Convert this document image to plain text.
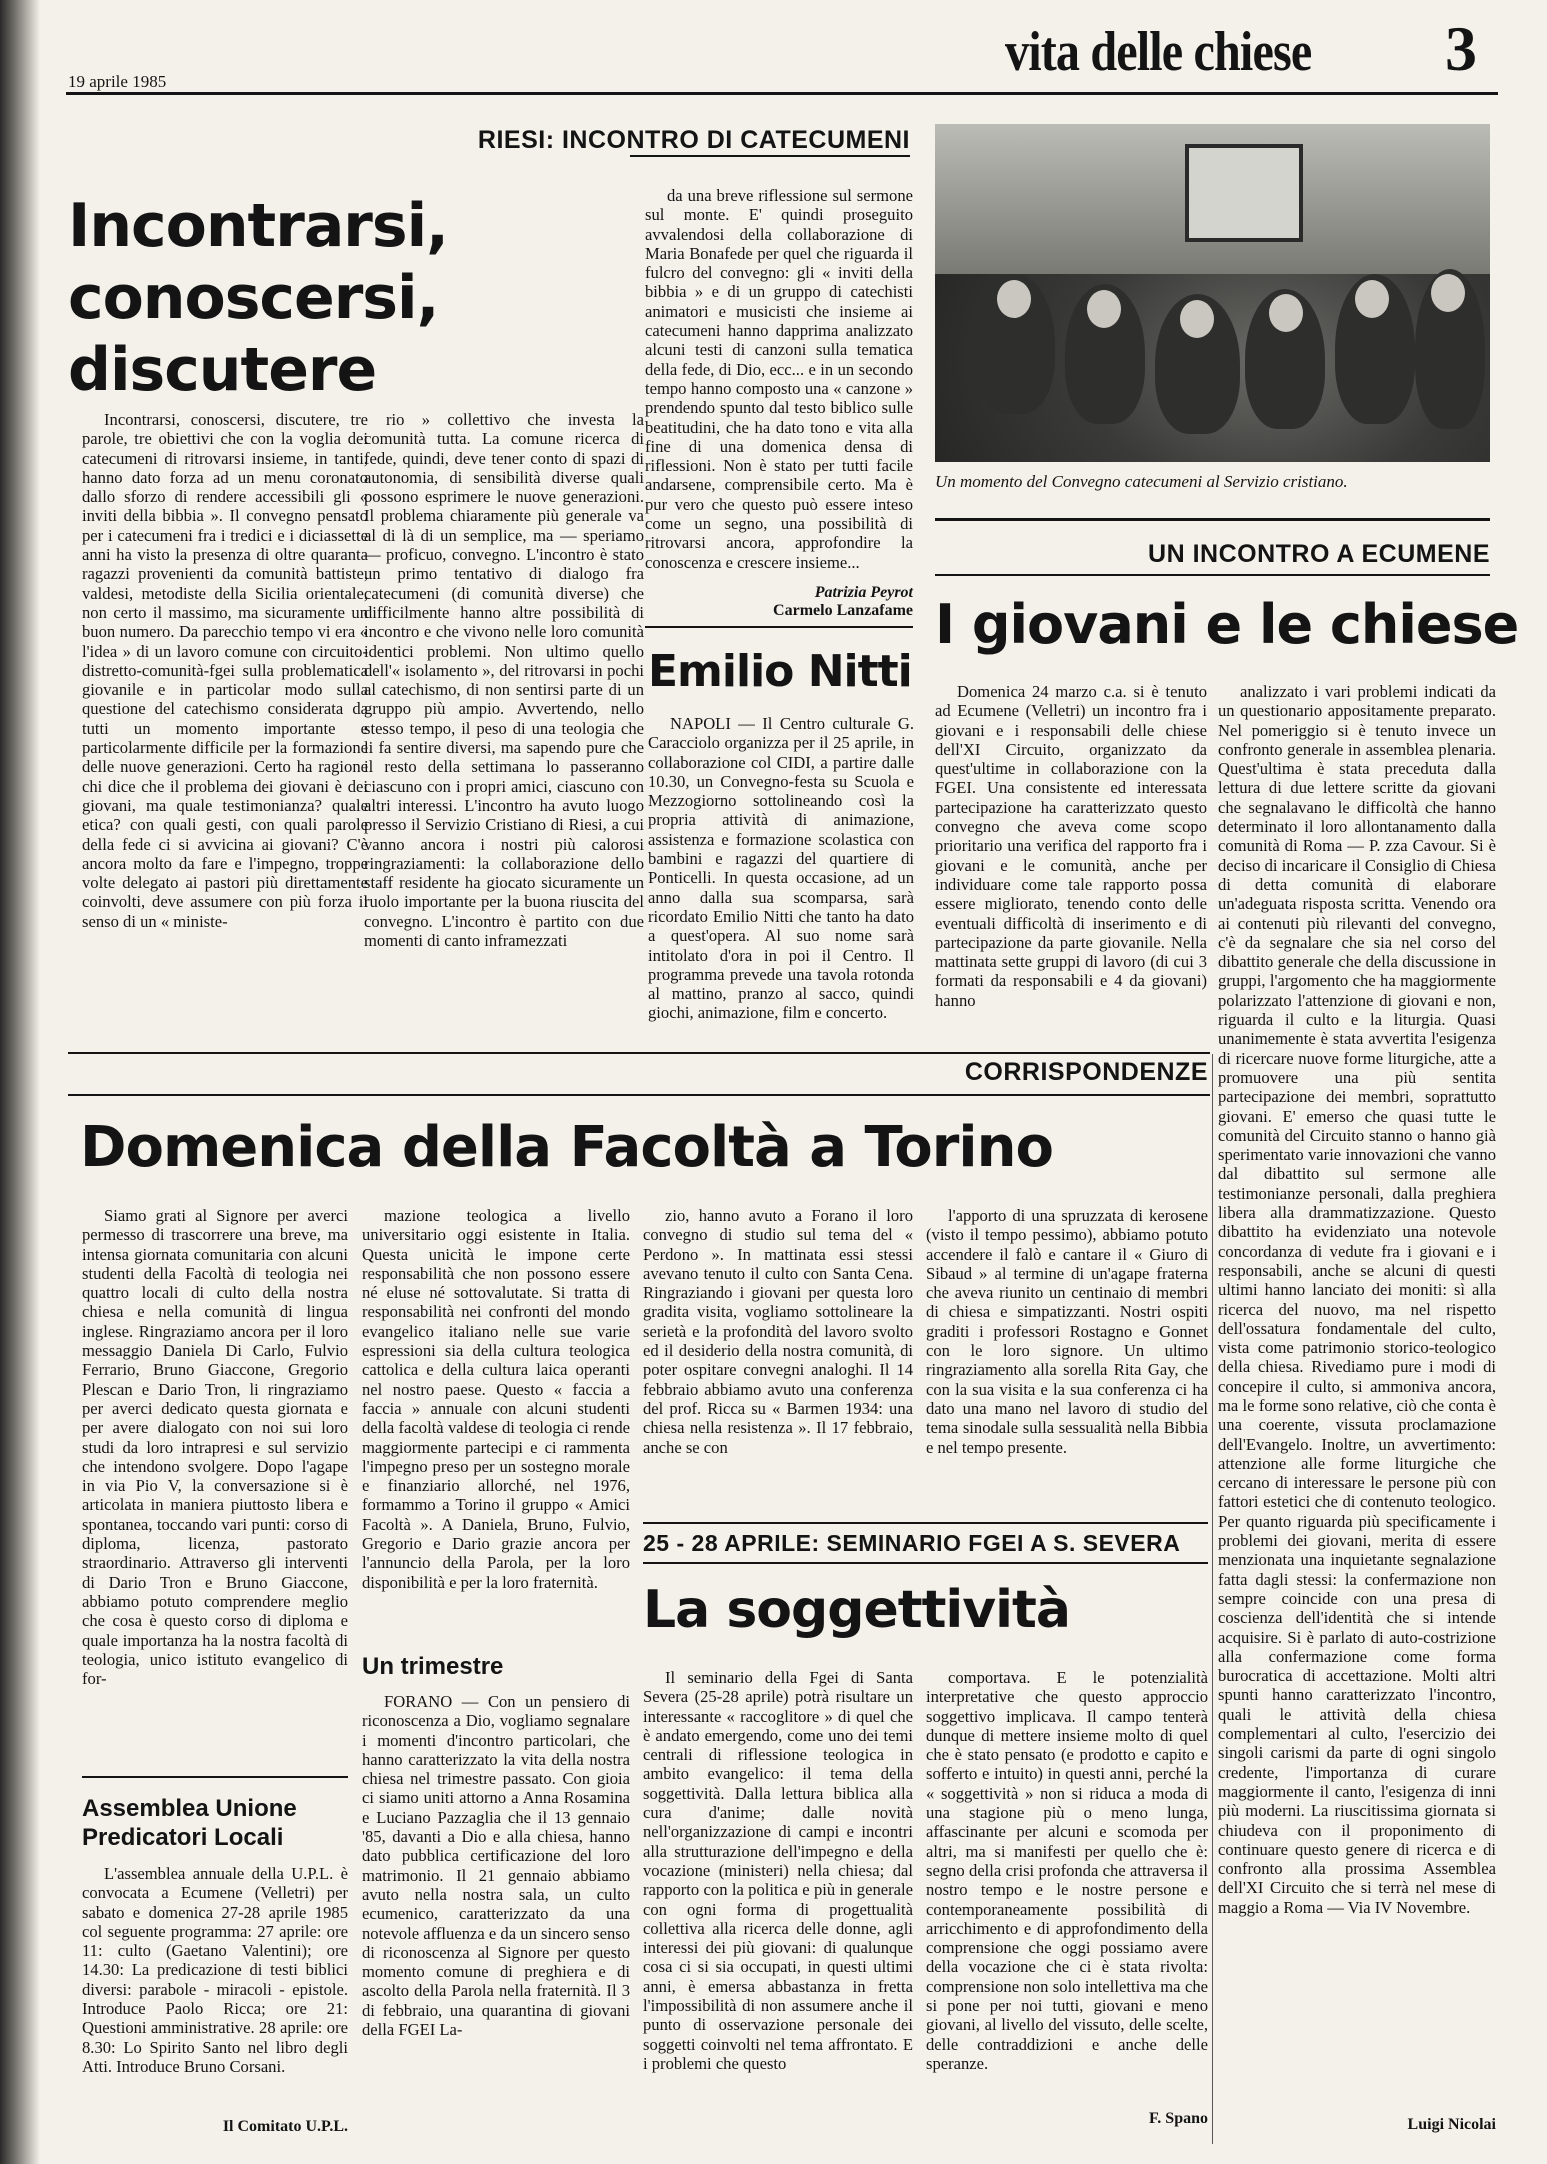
19 aprile 1985	vita delle chiese 3
RIESI: INCONTRO DI CATECUMENI
Incontrarsi,
conoscersi,
discutere

Incontrarsi, conoscersi, discutere, tre parole, tre obiettivi che con la voglia dei catecumeni di ritrovarsi insieme, in tanti, hanno dato forza ad un menu coronato dallo sforzo di rendere accessibili gli « inviti della bibbia ». Il convegno pensato per i catecumeni fra i tredici e i diciassette anni ha visto la presenza di oltre quaranta ragazzi provenienti da comunità battiste, valdesi, metodiste della Sicilia orientale, non certo il massimo, ma sicuramente un buon numero. Da parecchio tempo vi era « l'idea » di un lavoro comune con circuito-distretto-comunità-fgei sulla problematica giovanile e in particolar modo sulla questione del catechismo considerata da tutti un momento importante e particolarmente difficile per la formazione delle nuove generazioni. Certo ha ragione chi dice che il problema dei giovani è dei giovani, ma quale testimonianza? quale etica? con quali gesti, con quali parole della fede ci si avvicina ai giovani? C'è ancora molto da fare e l'impegno, troppe volte delegato ai pastori più direttamente coinvolti, deve assumere con più forza il senso di un « ministe-

rio » collettivo che investa la comunità tutta. La comune ricerca di fede, quindi, deve tener conto di spazi di autonomia, di sensibilità diverse quali possono esprimere le nuove generazioni. Il problema chiaramente più generale va al di là di un semplice, ma — speriamo — proficuo, convegno. L'incontro è stato un primo tentativo di dialogo fra catecumeni (di comunità diverse) che difficilmente hanno altre possibilità di incontro e che vivono nelle loro comunità identici problemi. Non ultimo quello dell'« isolamento », del ritrovarsi in pochi al catechismo, di non sentirsi parte di un gruppo più ampio. Avvertendo, nello stesso tempo, il peso di una teologia che li fa sentire diversi, ma sapendo pure che il resto della settimana lo passeranno ciascuno con i propri amici, ciascuno con altri interessi. L'incontro ha avuto luogo presso il Servizio Cristiano di Riesi, a cui vanno ancora i nostri più calorosi ringraziamenti: la collaborazione dello staff residente ha giocato sicuramente un ruolo importante per la buona riuscita del convegno. L'incontro è partito con due momenti di canto inframezzati

da una breve riflessione sul sermone sul monte. E' quindi proseguito avvalendosi della collaborazione di Maria Bonafede per quel che riguarda il fulcro del convegno: gli « inviti della bibbia » e di un gruppo di catechisti animatori e musicisti che insieme ai catecumeni hanno dapprima analizzato alcuni testi di canzoni sulla tematica della fede, di Dio, ecc... e in un secondo tempo hanno composto una « canzone » prendendo spunto dal testo biblico sulle beatitudini, che ha dato tono e vita alla fine di una domenica densa di riflessioni. Non è stato per tutti facile andarsene, comprensibile certo. Ma è pur vero che questo può essere inteso come un segno, una possibilità di ritrovarsi ancora, approfondire la conoscenza e crescere insieme...

Patrizia Peyrot
Carmelo Lanzafame
Un momento del Convegno catecumeni al Servizio cristiano.
Emilio Nitti

NAPOLI — Il Centro culturale G. Caracciolo organizza per il 25 aprile, in collaborazione col CIDI, a partire dalle 10.30, un Convegno-festa su Scuola e Mezzogiorno sottolineando così la propria attività di animazione, assistenza e formazione scolastica con bambini e ragazzi del quartiere di Ponticelli. In questa occasione, ad un anno dalla sua scomparsa, sarà ricordato Emilio Nitti che tanto ha dato a quest'opera. Al suo nome sarà intitolato d'ora in poi il Centro. Il programma prevede una tavola rotonda al mattino, pranzo al sacco, quindi giochi, animazione, film e concerto.

UN INCONTRO A ECUMENE
I giovani e le chiese

Domenica 24 marzo c.a. si è tenuto ad Ecumene (Velletri) un incontro fra i giovani e i responsabili delle chiese dell'XI Circuito, organizzato da quest'ultime in collaborazione con la FGEI. Una consistente ed interessata partecipazione ha caratterizzato questo convegno che aveva come scopo prioritario una verifica del rapporto fra i giovani e le comunità, anche per individuare come tale rapporto possa essere migliorato, tenendo conto delle eventuali difficoltà di inserimento e di partecipazione da parte giovanile. Nella mattinata sette gruppi di lavoro (di cui 3 formati da responsabili e 4 da giovani) hanno

analizzato i vari problemi indicati da un questionario appositamente preparato. Nel pomeriggio si è tenuto invece un confronto generale in assemblea plenaria. Quest'ultima è stata preceduta dalla lettura di due lettere scritte da giovani che segnalavano le difficoltà che hanno determinato il loro allontanamento dalla comunità di Roma — P. zza Cavour. Si è deciso di incaricare il Consiglio di Chiesa di detta comunità di elaborare un'adeguata risposta scritta. Venendo ora ai contenuti più rilevanti del convegno, c'è da segnalare che sia nel corso del dibattito generale che della discussione in gruppi, l'argomento che ha maggiormente polarizzato l'attenzione di giovani e non, riguarda il culto e la liturgia. Quasi unanimemente è stata avvertita l'esigenza di ricercare nuove forme liturgiche, atte a promuovere una più sentita partecipazione dei membri, soprattutto giovani. E' emerso che quasi tutte le comunità del Circuito stanno o hanno già sperimentato varie innovazioni che vanno dal dibattito sul sermone alle testimonianze personali, dalla preghiera libera alla drammatizzazione. Questo dibattito ha evidenziato una notevole concordanza di vedute fra i giovani e i responsabili, anche se alcuni di questi ultimi hanno lanciato dei moniti: sì alla ricerca del nuovo, ma nel rispetto dell'ossatura fondamentale del culto, vista come patrimonio storico-teologico della chiesa. Rivediamo pure i modi di concepire il culto, si ammoniva ancora, ma le forme sono relative, ciò che conta è una coerente, vissuta proclamazione dell'Evangelo. Inoltre, un avvertimento: attenzione alle forme liturgiche che cercano di interessare le persone più con fattori estetici che di contenuto teologico. Per quanto riguarda più specificamente i problemi dei giovani, merita di essere menzionata una inquietante segnalazione fatta dagli stessi: la confermazione non sempre coincide con una presa di coscienza dell'identità che si intende acquisire. Si è parlato di auto-costrizione alla confermazione come forma burocratica di accettazione. Molti altri spunti hanno caratterizzato l'incontro, quali le attività della chiesa complementari al culto, l'esercizio dei singoli carismi da parte di ogni singolo credente, l'importanza di curare maggiormente il canto, l'esigenza di inni più moderni. La riuscitissima giornata si chiudeva con il proponimento di continuare questo genere di ricerca e di confronto alla prossima Assemblea dell'XI Circuito che si terrà nel mese di maggio a Roma — Via IV Novembre.

Luigi Nicolai
CORRISPONDENZE
Domenica della Facoltà a Torino

Siamo grati al Signore per averci permesso di trascorrere una breve, ma intensa giornata comunitaria con alcuni studenti della Facoltà di teologia nei quattro locali di culto della nostra chiesa e nella comunità di lingua inglese. Ringraziamo ancora per il loro messaggio Daniela Di Carlo, Fulvio Ferrario, Bruno Giaccone, Gregorio Plescan e Dario Tron, li ringraziamo per averci dedicato questa giornata e per avere dialogato con noi sui loro studi da loro intrapresi e sul servizio che intendono svolgere. Dopo l'agape in via Pio V, la conversazione si è articolata in maniera piuttosto libera e spontanea, toccando vari punti: corso di diploma, licenza, pastorato straordinario. Attraverso gli interventi di Dario Tron e Bruno Giaccone, abbiamo potuto comprendere meglio che cosa è questo corso di diploma e quale importanza ha la nostra facoltà di teologia, unico istituto evangelico di for-

mazione teologica a livello universitario oggi esistente in Italia. Questa unicità le impone certe responsabilità che non possono essere né eluse né sottovalutate. Si tratta di responsabilità nei confronti del mondo evangelico italiano nelle sue varie espressioni sia della cultura teologica cattolica e della cultura laica operanti nel nostro paese. Questo « faccia a faccia » annuale con alcuni studenti della facoltà valdese di teologia ci rende maggiormente partecipi e ci rammenta l'impegno preso per un sostegno morale e finanziario allorché, nel 1976, formammo a Torino il gruppo « Amici Facoltà ». A Daniela, Bruno, Fulvio, Gregorio e Dario grazie ancora per l'annuncio della Parola, per la loro disponibilità e per la loro fraternità.

zio, hanno avuto a Forano il loro convegno di studio sul tema del « Perdono ». In mattinata essi stessi avevano tenuto il culto con Santa Cena. Ringraziando i giovani per questa loro gradita visita, vogliamo sottolineare la serietà e la profondità del lavoro svolto ed il desiderio della nostra comunità, di poter ospitare convegni analoghi. Il 14 febbraio abbiamo avuto una conferenza del prof. Ricca su « Barmen 1934: una chiesa nella resistenza ». Il 17 febbraio, anche se con

l'apporto di una spruzzata di kerosene (visto il tempo pessimo), abbiamo potuto accendere il falò e cantare il « Giuro di Sibaud » al termine di un'agape fraterna che aveva riunito un centinaio di membri di chiesa e simpatizzanti. Nostri ospiti graditi i professori Rostagno e Gonnet con le loro signore. Un ultimo ringraziamento alla sorella Rita Gay, che con la sua visita e la sua conferenza ci ha dato una mano nel lavoro di studio del tema sinodale sulla sessualità nella Bibbia e nel tempo presente.

Assemblea Unione
Predicatori Locali

L'assemblea annuale della U.P.L. è convocata a Ecumene (Velletri) per sabato e domenica 27-28 aprile 1985 col seguente programma: 27 aprile: ore 11: culto (Gaetano Valentini); ore 14.30: La predicazione di testi biblici diversi: parabole - miracoli - epistole. Introduce Paolo Ricca; ore 21: Questioni amministrative. 28 aprile: ore 8.30: Lo Spirito Santo nel libro degli Atti. Introduce Bruno Corsani.

Il Comitato U.P.L.
Un trimestre

FORANO — Con un pensiero di riconoscenza a Dio, vogliamo segnalare i momenti d'incontro particolari, che hanno caratterizzato la vita della nostra chiesa nel trimestre passato. Con gioia ci siamo uniti attorno a Anna Rosamina e Luciano Pazzaglia che il 13 gennaio '85, davanti a Dio e alla chiesa, hanno dato pubblica certificazione del loro matrimonio. Il 21 gennaio abbiamo avuto nella nostra sala, un culto ecumenico, caratterizzato da una notevole affluenza e da un sincero senso di riconoscenza al Signore per questo momento comune di preghiera e di ascolto della Parola nella fraternità. Il 3 di febbraio, una quarantina di giovani della FGEI La-

25 - 28 APRILE: SEMINARIO FGEI A S. SEVERA
La soggettività

Il seminario della Fgei di Santa Severa (25-28 aprile) potrà risultare un interessante « raccoglitore » di quel che è andato emergendo, come uno dei temi centrali di riflessione teologica in ambito evangelico: il tema della soggettività. Dalla lettura biblica alla cura d'anime; dalle novità nell'organizzazione di campi e incontri alla strutturazione dell'impegno e della vocazione (ministeri) nella chiesa; dal rapporto con la politica e più in generale con ogni forma di progettualità collettiva alla ricerca delle donne, agli interessi dei più giovani: di qualunque cosa ci si sia occupati, in questi ultimi anni, è emersa abbastanza in fretta l'impossibilità di non assumere anche il punto di osservazione personale dei soggetti coinvolti nel tema affrontato. E i problemi che questo

comportava. E le potenzialità interpretative che questo approccio soggettivo implicava. Il campo tenterà dunque di mettere insieme molto di quel che è stato pensato (e prodotto e capito e sofferto e intuito) in questi anni, perché la « soggettività » non si riduca a moda di una stagione più o meno lunga, affascinante per alcuni e scomoda per altri, ma si manifesti per quello che è: segno della crisi profonda che attraversa il nostro tempo e le nostre persone e contemporaneamente possibilità di arricchimento e di approfondimento della comprensione che oggi possiamo avere della vocazione che ci è stata rivolta: comprensione non solo intellettiva ma che si pone per noi tutti, giovani e meno giovani, al livello del vissuto, delle scelte, delle contraddizioni e anche delle speranze.

F. Spano
